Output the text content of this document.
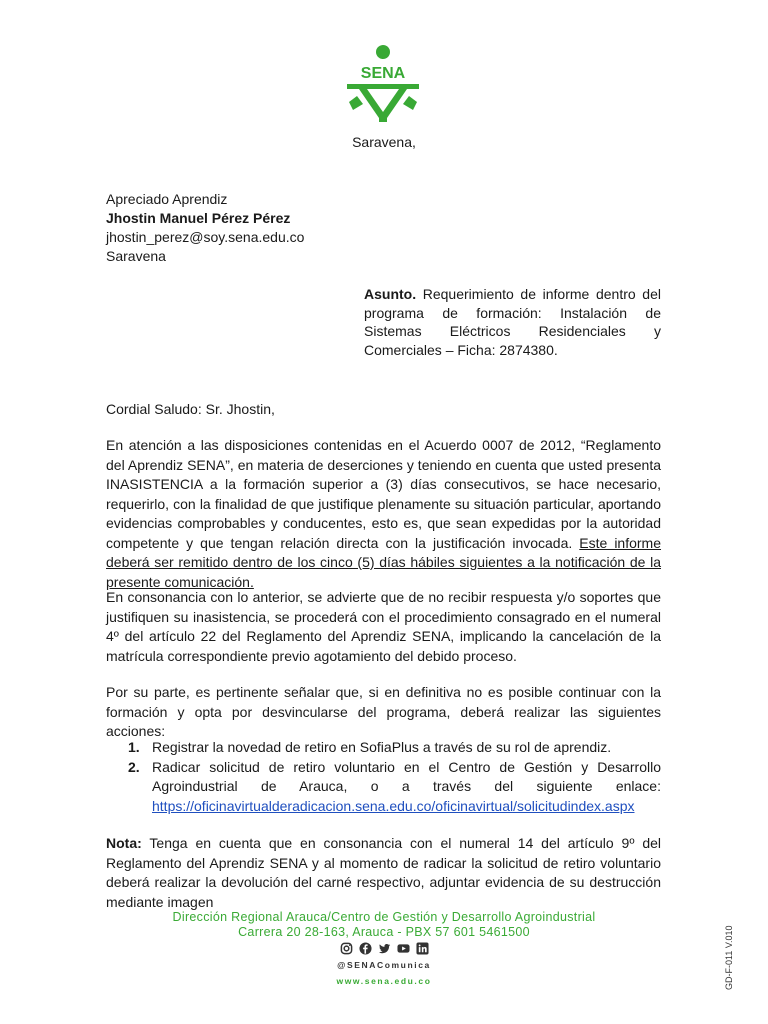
SENA
Saravena,
Apreciado Aprendiz
Jhostin Manuel Pérez Pérez
jhostin_perez@soy.sena.edu.co
Saravena
Asunto. Requerimiento de informe dentro del programa de formación: Instalación de Sistemas Eléctricos Residenciales y Comerciales – Ficha: 2874380.
Cordial Saludo: Sr. Jhostin,
En atención a las disposiciones contenidas en el Acuerdo 0007 de 2012, “Reglamento del Aprendiz SENA”, en materia de deserciones y teniendo en cuenta que usted presenta INASISTENCIA a la formación superior a (3) días consecutivos, se hace necesario, requerirlo, con la finalidad de que justifique plenamente su situación particular, aportando evidencias comprobables y conducentes, esto es, que sean expedidas por la autoridad competente y que tengan relación directa con la justificación invocada. Este informe deberá ser remitido dentro de los cinco (5) días hábiles siguientes a la notificación de la presente comunicación.
En consonancia con lo anterior, se advierte que de no recibir respuesta y/o soportes que justifiquen su inasistencia, se procederá con el procedimiento consagrado en el numeral 4º del artículo 22 del Reglamento del Aprendiz SENA, implicando la cancelación de la matrícula correspondiente previo agotamiento del debido proceso.
Por su parte, es pertinente señalar que, si en definitiva no es posible continuar con la formación y opta por desvincularse del programa, deberá realizar las siguientes acciones:
1. Registrar la novedad de retiro en SofiaPlus a través de su rol de aprendiz.
2. Radicar solicitud de retiro voluntario en el Centro de Gestión y Desarrollo Agroindustrial de Arauca, o a través del siguiente enlace: https://oficinavirtualderadicacion.sena.edu.co/oficinavirtual/solicitudindex.aspx
Nota: Tenga en cuenta que en consonancia con el numeral 14 del artículo 9º del Reglamento del Aprendiz SENA y al momento de radicar la solicitud de retiro voluntario deberá realizar la devolución del carné respectivo, adjuntar evidencia de su destrucción mediante imagen
Dirección Regional Arauca/Centro de Gestión y Desarrollo Agroindustrial
Carrera 20 28-163, Arauca - PBX 57 601 5461500
@SENAComunica
www.sena.edu.co	GD-F-011 V.010
